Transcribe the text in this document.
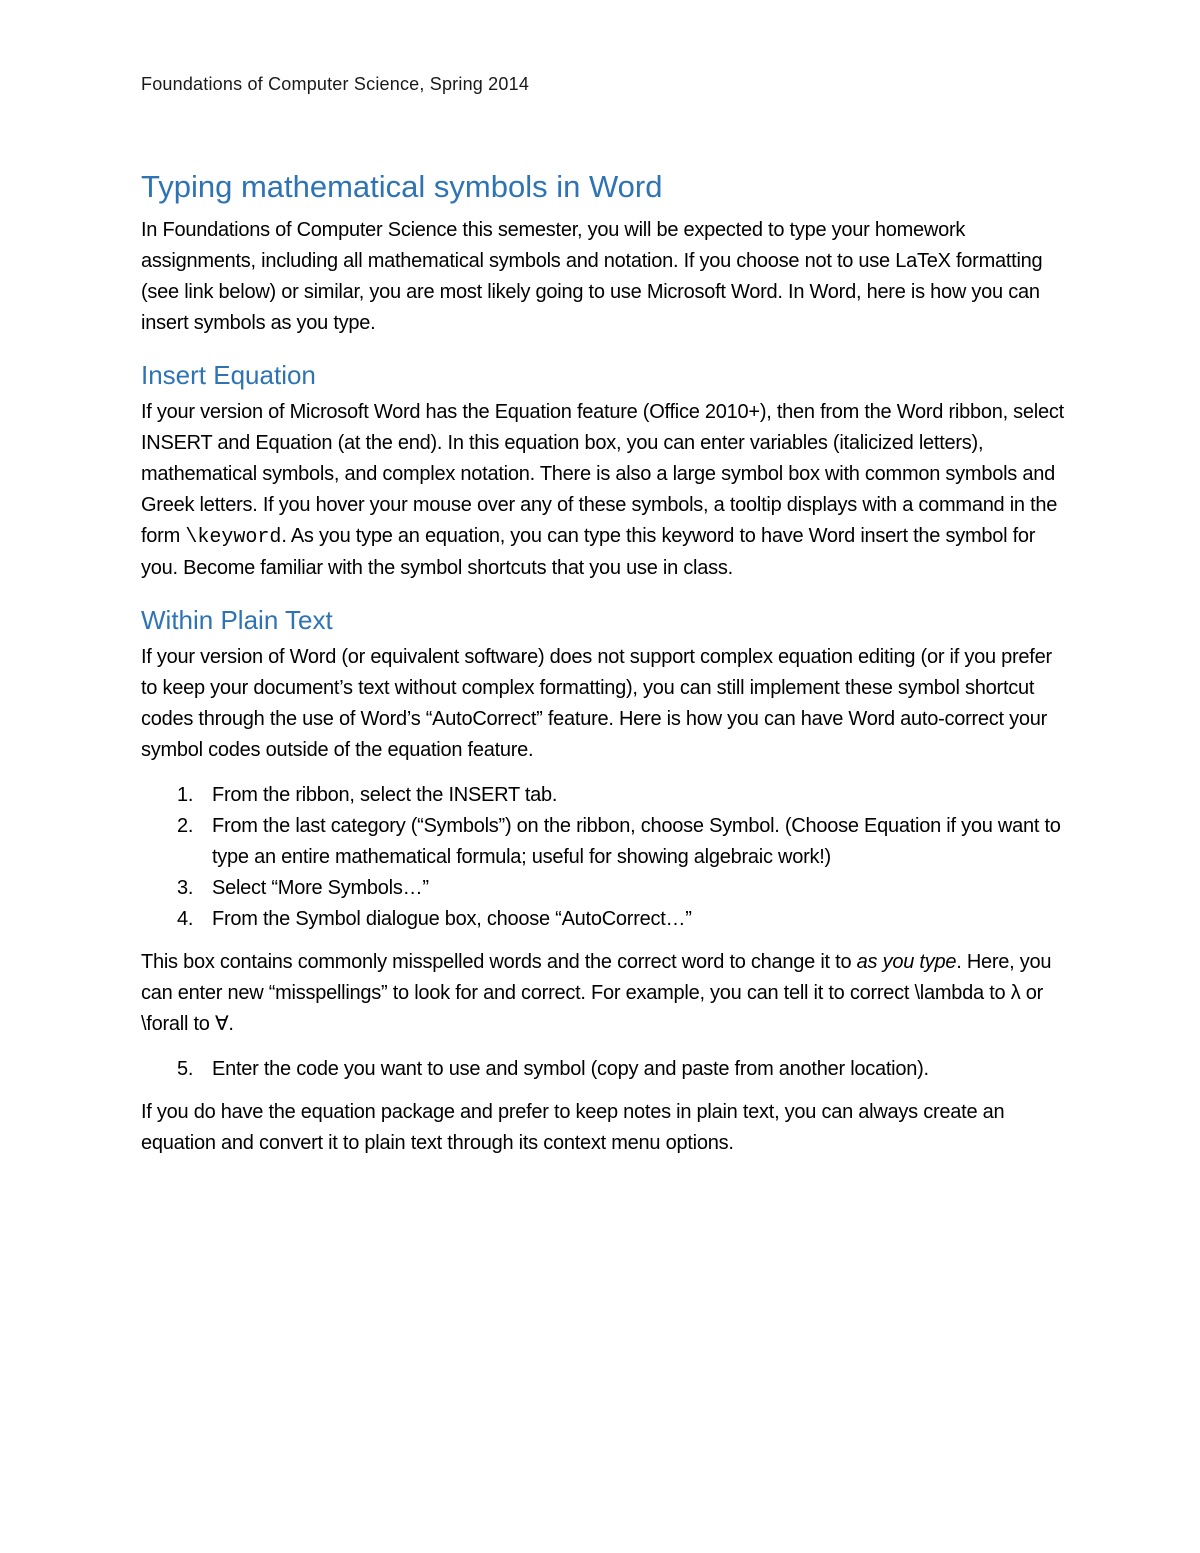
Foundations of Computer Science, Spring 2014
Typing mathematical symbols in Word

In Foundations of Computer Science this semester, you will be expected to type your homework assignments, including all mathematical symbols and notation. If you choose not to use LaTeX formatting (see link below) or similar, you are most likely going to use Microsoft Word. In Word, here is how you can insert symbols as you type.

Insert Equation

If your version of Microsoft Word has the Equation feature (Office 2010+), then from the Word ribbon, select INSERT and Equation (at the end). In this equation box, you can enter variables (italicized letters), mathematical symbols, and complex notation. There is also a large symbol box with common symbols and Greek letters. If you hover your mouse over any of these symbols, a tooltip displays with a command in the form \keyword. As you type an equation, you can type this keyword to have Word insert the symbol for you. Become familiar with the symbol shortcuts that you use in class.

Within Plain Text

If your version of Word (or equivalent software) does not support complex equation editing (or if you prefer to keep your document’s text without complex formatting), you can still implement these symbol shortcut codes through the use of Word’s “AutoCorrect” feature. Here is how you can have Word auto-correct your symbol codes outside of the equation feature.

1. From the ribbon, select the INSERT tab.
2. From the last category (“Symbols”) on the ribbon, choose Symbol. (Choose Equation if you want to type an entire mathematical formula; useful for showing algebraic work!)
3. Select “More Symbols…”
4. From the Symbol dialogue box, choose “AutoCorrect…”

This box contains commonly misspelled words and the correct word to change it to as you type. Here, you can enter new “misspellings” to look for and correct. For example, you can tell it to correct \lambda to λ or \forall to ∀.

5. Enter the code you want to use and symbol (copy and paste from another location).

If you do have the equation package and prefer to keep notes in plain text, you can always create an equation and convert it to plain text through its context menu options.
